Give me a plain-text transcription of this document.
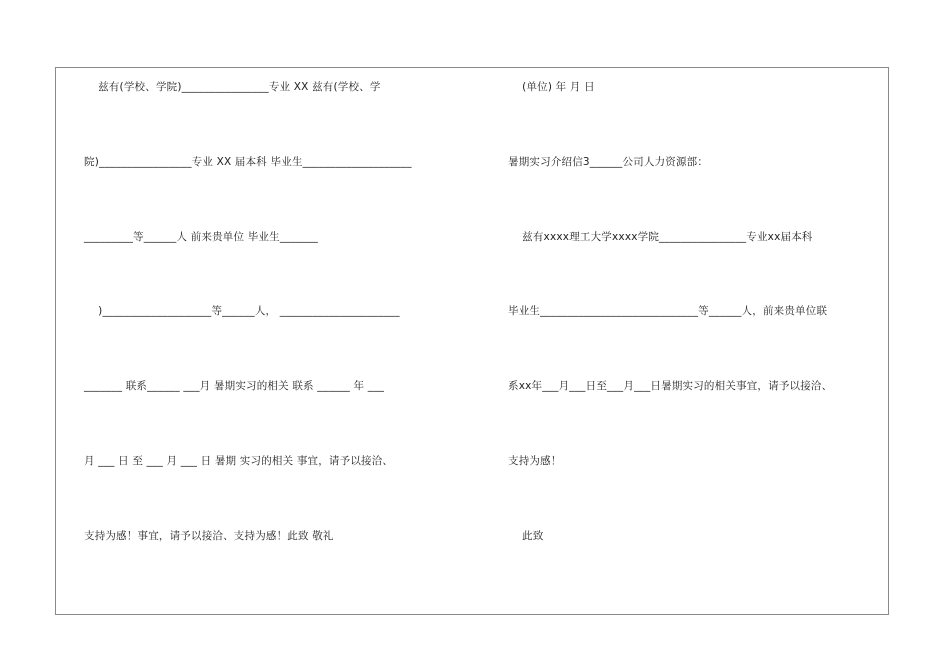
兹有(学校、学院)________________专业 XX 兹有(学校、学
院)_________________专业 XX 届本科 毕业生____________________
_________等______人 前来贵单位 毕业生_______
)____________________等______人， ______________________
_______ 联系______ ___月 暑期实习的相关 联系 ______ 年 ___
月 ___ 日 至 ___ 月 ___ 日 暑期 实习的相关 事宜，请予以接洽、
支持为感！事宜，请予以接洽、支持为感！此致 敬礼
(单位) 年 月 日
暑期实习介绍信3______公司人力资源部：
兹有xxxx理工大学xxxx学院________________专业xx届本科
毕业生_____________________________等______人，前来贵单位联
系xx年___月___日至___月___日暑期实习的相关事宜，请予以接洽、
支持为感！
此致
